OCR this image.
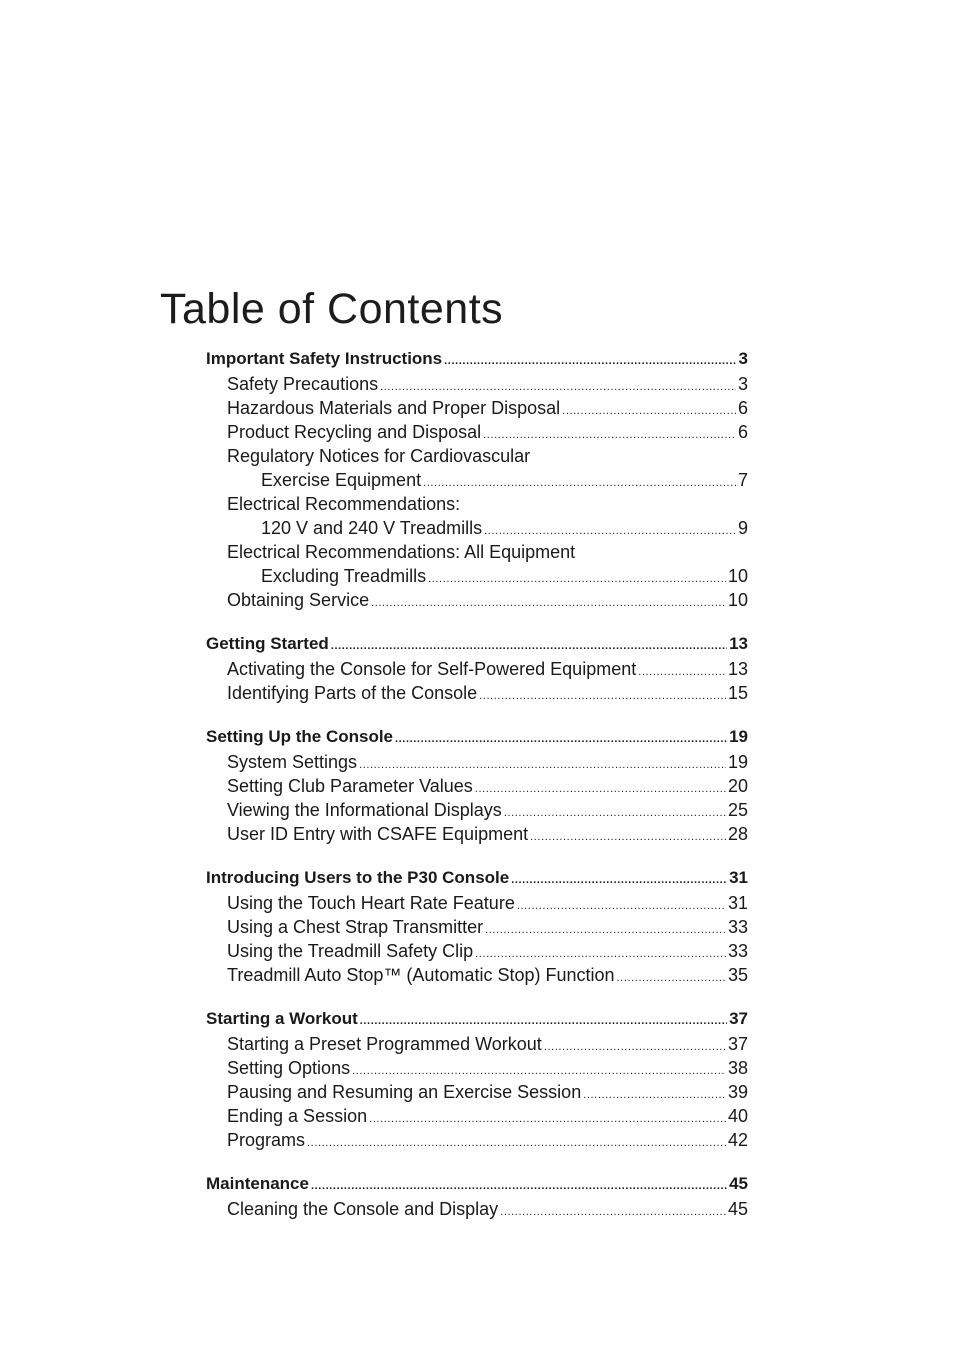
Table of Contents
Important Safety Instructions .....	3
Safety Precautions .....	3
Hazardous Materials and Proper Disposal .....	6
Product Recycling and Disposal .....	6
Regulatory Notices for Cardiovascular
Exercise Equipment .....	7
Electrical Recommendations:
120 V and 240 V Treadmills .....	9
Electrical Recommendations: All Equipment
Excluding Treadmills .....	10
Obtaining Service .....	10
Getting Started .....	13
Activating the Console for Self-Powered Equipment .....	13
Identifying Parts of the Console .....	15
Setting Up the Console .....	19
System Settings .....	19
Setting Club Parameter Values .....	20
Viewing the Informational Displays .....	25
User ID Entry with CSAFE Equipment .....	28
Introducing Users to the P30 Console .....	31
Using the Touch Heart Rate Feature .....	31
Using a Chest Strap Transmitter .....	33
Using the Treadmill Safety Clip .....	33
Treadmill Auto Stop™ (Automatic Stop) Function .....	35
Starting a Workout .....	37
Starting a Preset Programmed Workout .....	37
Setting Options .....	38
Pausing and Resuming an Exercise Session .....	39
Ending a Session .....	40
Programs .....	42
Maintenance .....	45
Cleaning the Console and Display .....	45
